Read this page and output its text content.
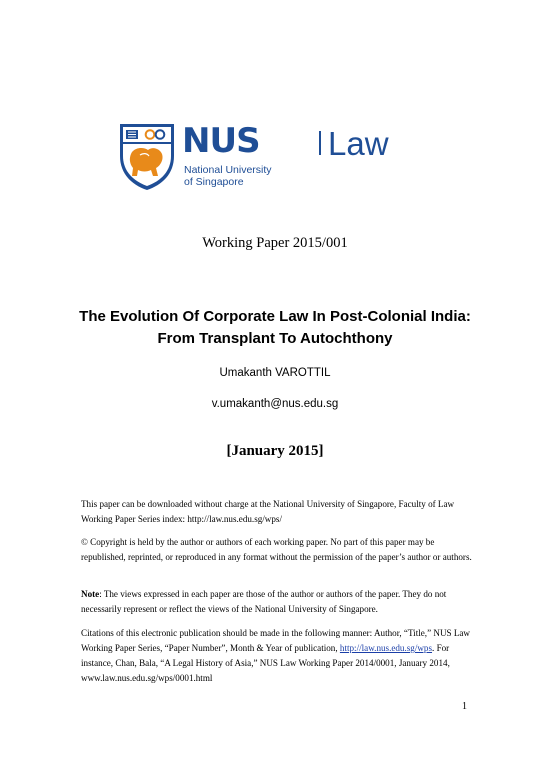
NUS Law
National University
of Singapore
Working Paper 2015/001
The Evolution Of Corporate Law In Post-Colonial India:
From Transplant To Autochthony
Umakanth VAROTTIL
v.umakanth@nus.edu.sg
[January 2015]

This paper can be downloaded without charge at the National University of Singapore, Faculty of Law Working Paper Series index: http://law.nus.edu.sg/wps/

© Copyright is held by the author or authors of each working paper. No part of this paper may be republished, reprinted, or reproduced in any format without the permission of the paper’s author or authors.

Note: The views expressed in each paper are those of the author or authors of the paper. They do not necessarily represent or reflect the views of the National University of Singapore.

Citations of this electronic publication should be made in the following manner: Author, “Title,” NUS Law Working Paper Series, “Paper Number”, Month & Year of publication, http://law.nus.edu.sg/wps. For instance, Chan, Bala, “A Legal History of Asia,” NUS Law Working Paper 2014/0001, January 2014, www.law.nus.edu.sg/wps/0001.html

1
